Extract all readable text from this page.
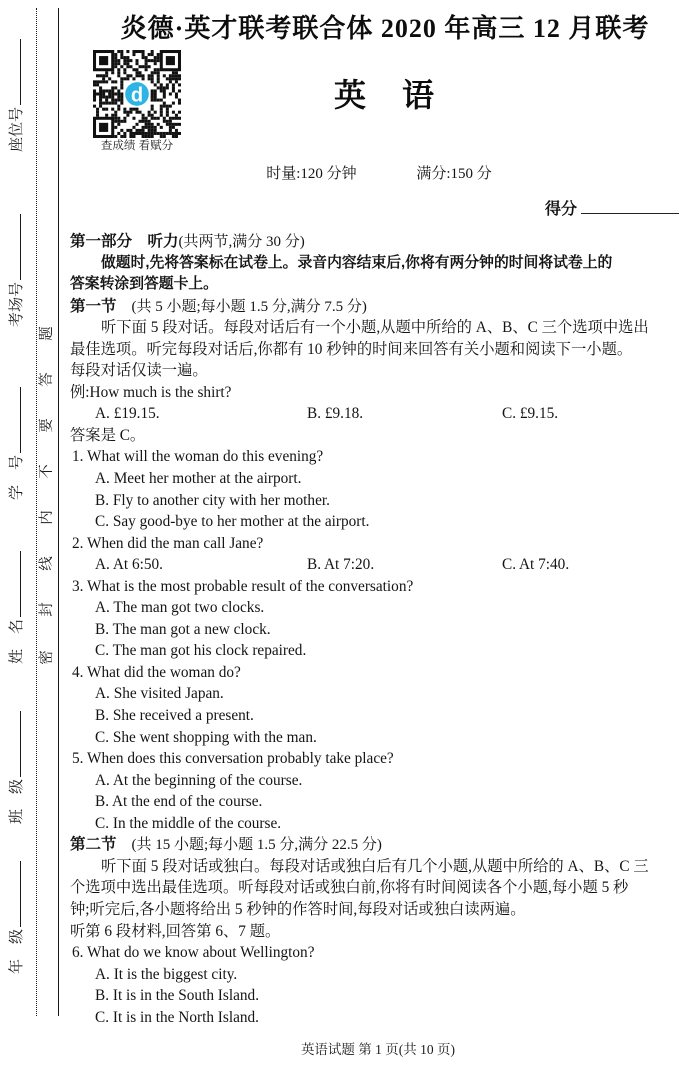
题
答
要
不
内
线
封
密
座位号
考场号
学　号
姓　名
班　级
年　级
炎德·英才联考联合体 2020 年高三 12 月联考
d
查成绩 看赋分
英　语
时量:120 分钟	满分:150 分
得分
第一部分　听力(共两节,满分 30 分)
做题时,先将答案标在试卷上。录音内容结束后,你将有两分钟的时间将试卷上的
答案转涂到答题卡上。
第一节　(共 5 小题;每小题 1.5 分,满分 7.5 分)
听下面 5 段对话。每段对话后有一个小题,从题中所给的 A、B、C 三个选项中选出
最佳选项。听完每段对话后,你都有 10 秒钟的时间来回答有关小题和阅读下一小题。
每段对话仅读一遍。
例:How much is the shirt?
A. £19.15.	B. £9.18.	C. £9.15.
答案是 C。
1. What will the woman do this evening?
A. Meet her mother at the airport.
B. Fly to another city with her mother.
C. Say good-bye to her mother at the airport.
2. When did the man call Jane?
A. At 6:50.	B. At 7:20.	C. At 7:40.
3. What is the most probable result of the conversation?
A. The man got two clocks.
B. The man got a new clock.
C. The man got his clock repaired.
4. What did the woman do?
A. She visited Japan.
B. She received a present.
C. She went shopping with the man.
5. When does this conversation probably take place?
A. At the beginning of the course.
B. At the end of the course.
C. In the middle of the course.
第二节　(共 15 小题;每小题 1.5 分,满分 22.5 分)
听下面 5 段对话或独白。每段对话或独白后有几个小题,从题中所给的 A、B、C 三
个选项中选出最佳选项。听每段对话或独白前,你将有时间阅读各个小题,每小题 5 秒
钟;听完后,各小题将给出 5 秒钟的作答时间,每段对话或独白读两遍。
听第 6 段材料,回答第 6、7 题。
6. What do we know about Wellington?
A. It is the biggest city.
B. It is in the South Island.
C. It is in the North Island.
英语试题 第 1 页(共 10 页)
